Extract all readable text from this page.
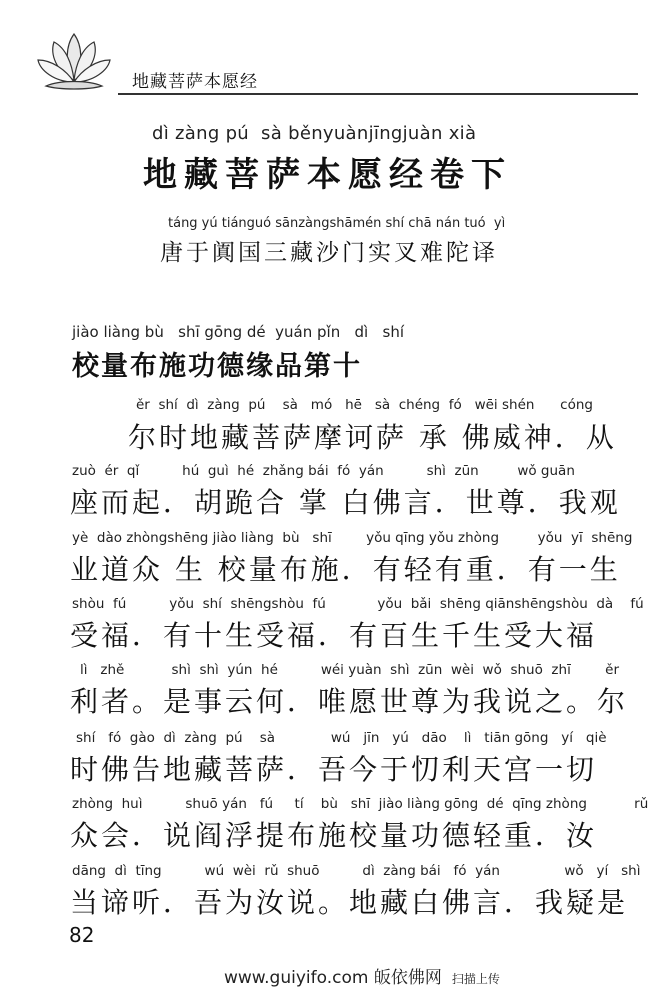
地藏菩萨本愿经
dì zàng pú  sà běnyuànjīngjuàn xià
地藏菩萨本愿经卷下
táng yú tiánguó sānzàngshāmén shí chā nán tuó  yì
唐于阗国三藏沙门实叉难陀译
jiào liàng bù   shī gōng dé  yuán pǐn   dì   shí
校量布施功德缘品第十
ěr  shí  dì  zàng  pú    sà   mó   hē   sà  chéng  fó   wēi shén      cóng
尔时地藏菩萨摩诃萨 承 佛威神．从
zuò  ér  qǐ          hú  guì  hé  zhǎng bái  fó  yán          shì  zūn         wǒ guān
座而起．胡跪合 掌 白佛言．世尊．我观
yè  dào zhòngshēng jiào liàng  bù   shī        yǒu qīng yǒu zhòng         yǒu  yī  shēng
业道众 生 校量布施．有轻有重．有一生
shòu  fú          yǒu  shí  shēngshòu  fú            yǒu  bǎi  shēng qiānshēngshòu  dà    fú
受福．有十生受福．有百生千生受大福
lì   zhě           shì  shì  yún  hé          wéi yuàn  shì  zūn  wèi  wǒ  shuō  zhī        ěr
利者。是事云何．唯愿世尊为我说之。尔
shí   fó  gào  dì  zàng  pú    sà             wú   jīn   yú   dāo    lì   tiān gōng   yí   qiè
时佛告地藏菩萨．吾今于忉利天宫一切
zhòng  huì          shuō yán   fú     tí    bù   shī  jiào liàng gōng  dé  qīng zhòng           rǔ
众会．说阎浮提布施校量功德轻重．汝
dāng  dì  tīng          wú  wèi  rǔ  shuō          dì  zàng bái   fó  yán               wǒ   yí   shì
当谛听．吾为汝说。地藏白佛言．我疑是
82
www.guiyifo.com 皈依佛网 扫描上传
